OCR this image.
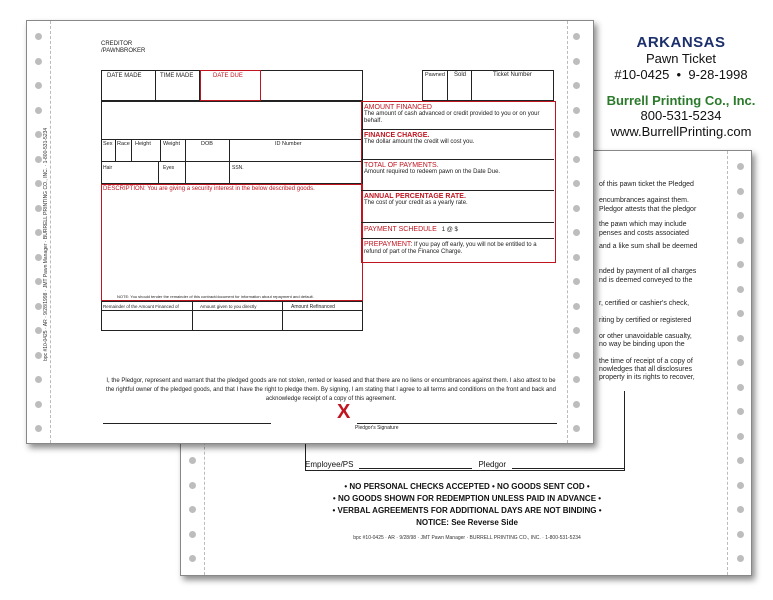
of this pawn ticket the Pledged
encumbrances against them.
Pledgor attests that the pledgor
the pawn which may include
penses and costs associated
and a like sum shall be deemed
nded by payment of all charges
nd is deemed conveyed to the
r, certified or cashier's check,
riting by certified or registered
or other unavoidable casualty,
no way be binding upon the
the time of receipt of a copy of
nowledges that all disclosures
property in its rights to recover,
Employee/PS	Pledgor
• NO PERSONAL CHECKS ACCEPTED • NO GOODS SENT COD •
• NO GOODS SHOWN FOR REDEMPTION UNLESS PAID IN ADVANCE •
• VERBAL AGREEMENTS FOR ADDITIONAL DAYS ARE NOT BINDING •
NOTICE: See Reverse Side
bpc #10-0425 · AR · 9/28/98 · JMT Pawn Manager · BURRELL PRINTING CO., INC. · 1-800-531-5234
ARKANSAS
Pawn Ticket
#10-0425 • 9-28-1998
Burrell Printing Co., Inc.
800-531-5234
www.BurrellPrinting.com
bpc #10-0425 · AR · 9/28/1998 · JMT Pawn Manager · BURRELL PRINTING CO., INC. · 1-800-531-5234
CREDITOR
/PAWNBROKER
DATE MADE	TIME MADE	DATE DUE	Pawned Sold	Ticket Number
Sex Race Height Weight	DOB	ID Number
Hair	Eyes	SSN.
DESCRIPTION: You are giving a security interest in the below described goods.
NOTE: You should tender the remainder of this contract/document for information about repayment and default.
Remainder of the Amount Financed of	Amount given to you directly	Amount Refinanced
AMOUNT FINANCED
The amount of cash advanced or credit provided to you or on your behalf.
FINANCE CHARGE.
The dollar amount the credit will cost you.
TOTAL OF PAYMENTS.
Amount required to redeem pawn on the Date Due.
ANNUAL PERCENTAGE RATE.
The cost of your credit as a yearly rate.
PAYMENT SCHEDULE 1 @ $
PREPAYMENT: If you pay off early, you will not be entitled to a refund of part of the Finance Charge.
I, the Pledgor, represent and warrant that the pledged goods are not stolen, rented or leased and that there are no liens or encumbrances against them. I also attest to be the rightful owner of the pledged goods, and that I have the right to pledge them. By signing, I am stating that I agree to all terms and conditions on the front and back and acknowledge receipt of a copy of this agreement.
X
Pledgor's Signature
